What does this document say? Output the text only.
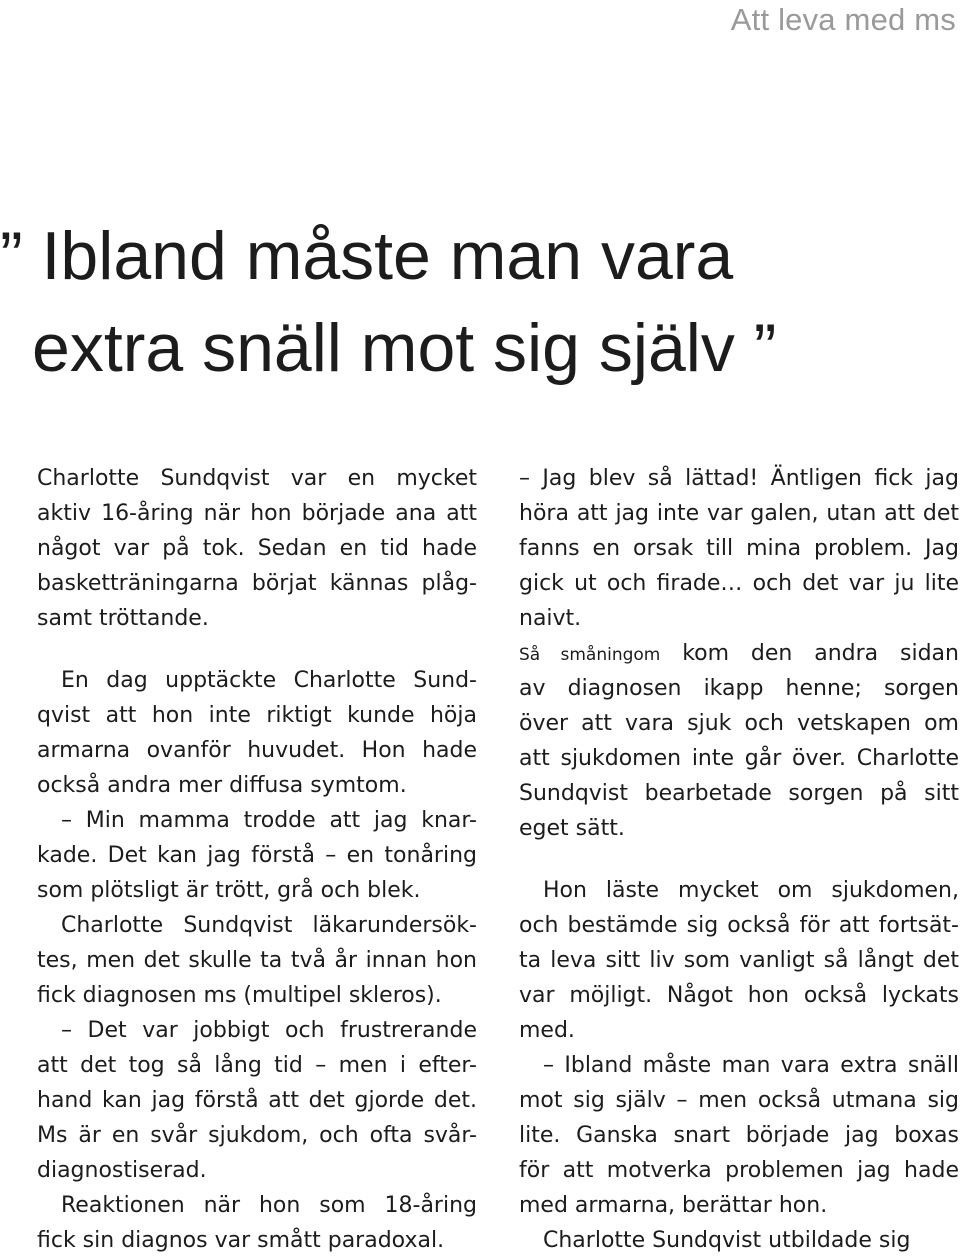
Att leva med ms
” Ibland måste man vara
extra snäll mot sig själv ”
Charlotte Sundqvist var en mycket
aktiv 16-åring när hon började ana att
något var på tok. Sedan en tid hade
basketträningarna börjat kännas plåg-
samt tröttande.
En dag upptäckte Charlotte Sund-
qvist att hon inte riktigt kunde höja
armarna ovanför huvudet. Hon hade
också andra mer diffusa symtom.
– Min mamma trodde att jag knar-
kade. Det kan jag förstå – en tonåring
som plötsligt är trött, grå och blek.
Charlotte Sundqvist läkarundersök-
tes, men det skulle ta två år innan hon
fick diagnosen ms (multipel skleros).
– Det var jobbigt och frustrerande
att det tog så lång tid – men i efter-
hand kan jag förstå att det gjorde det.
Ms är en svår sjukdom, och ofta svår-
diagnostiserad.
Reaktionen när hon som 18-åring
fick sin diagnos var smått paradoxal.
– Jag blev så lättad! Äntligen fick jag
höra att jag inte var galen, utan att det
fanns en orsak till mina problem. Jag
gick ut och firade… och det var ju lite
naivt.
Så småningom kom den andra sidan
av diagnosen ikapp henne; sorgen
över att vara sjuk och vetskapen om
att sjukdomen inte går över. Charlotte
Sundqvist bearbetade sorgen på sitt
eget sätt.
Hon läste mycket om sjukdomen,
och bestämde sig också för att fortsät-
ta leva sitt liv som vanligt så långt det
var möjligt. Något hon också lyckats
med.
– Ibland måste man vara extra snäll
mot sig själv – men också utmana sig
lite. Ganska snart började jag boxas
för att motverka problemen jag hade
med armarna, berättar hon.
Charlotte Sundqvist utbildade sig
